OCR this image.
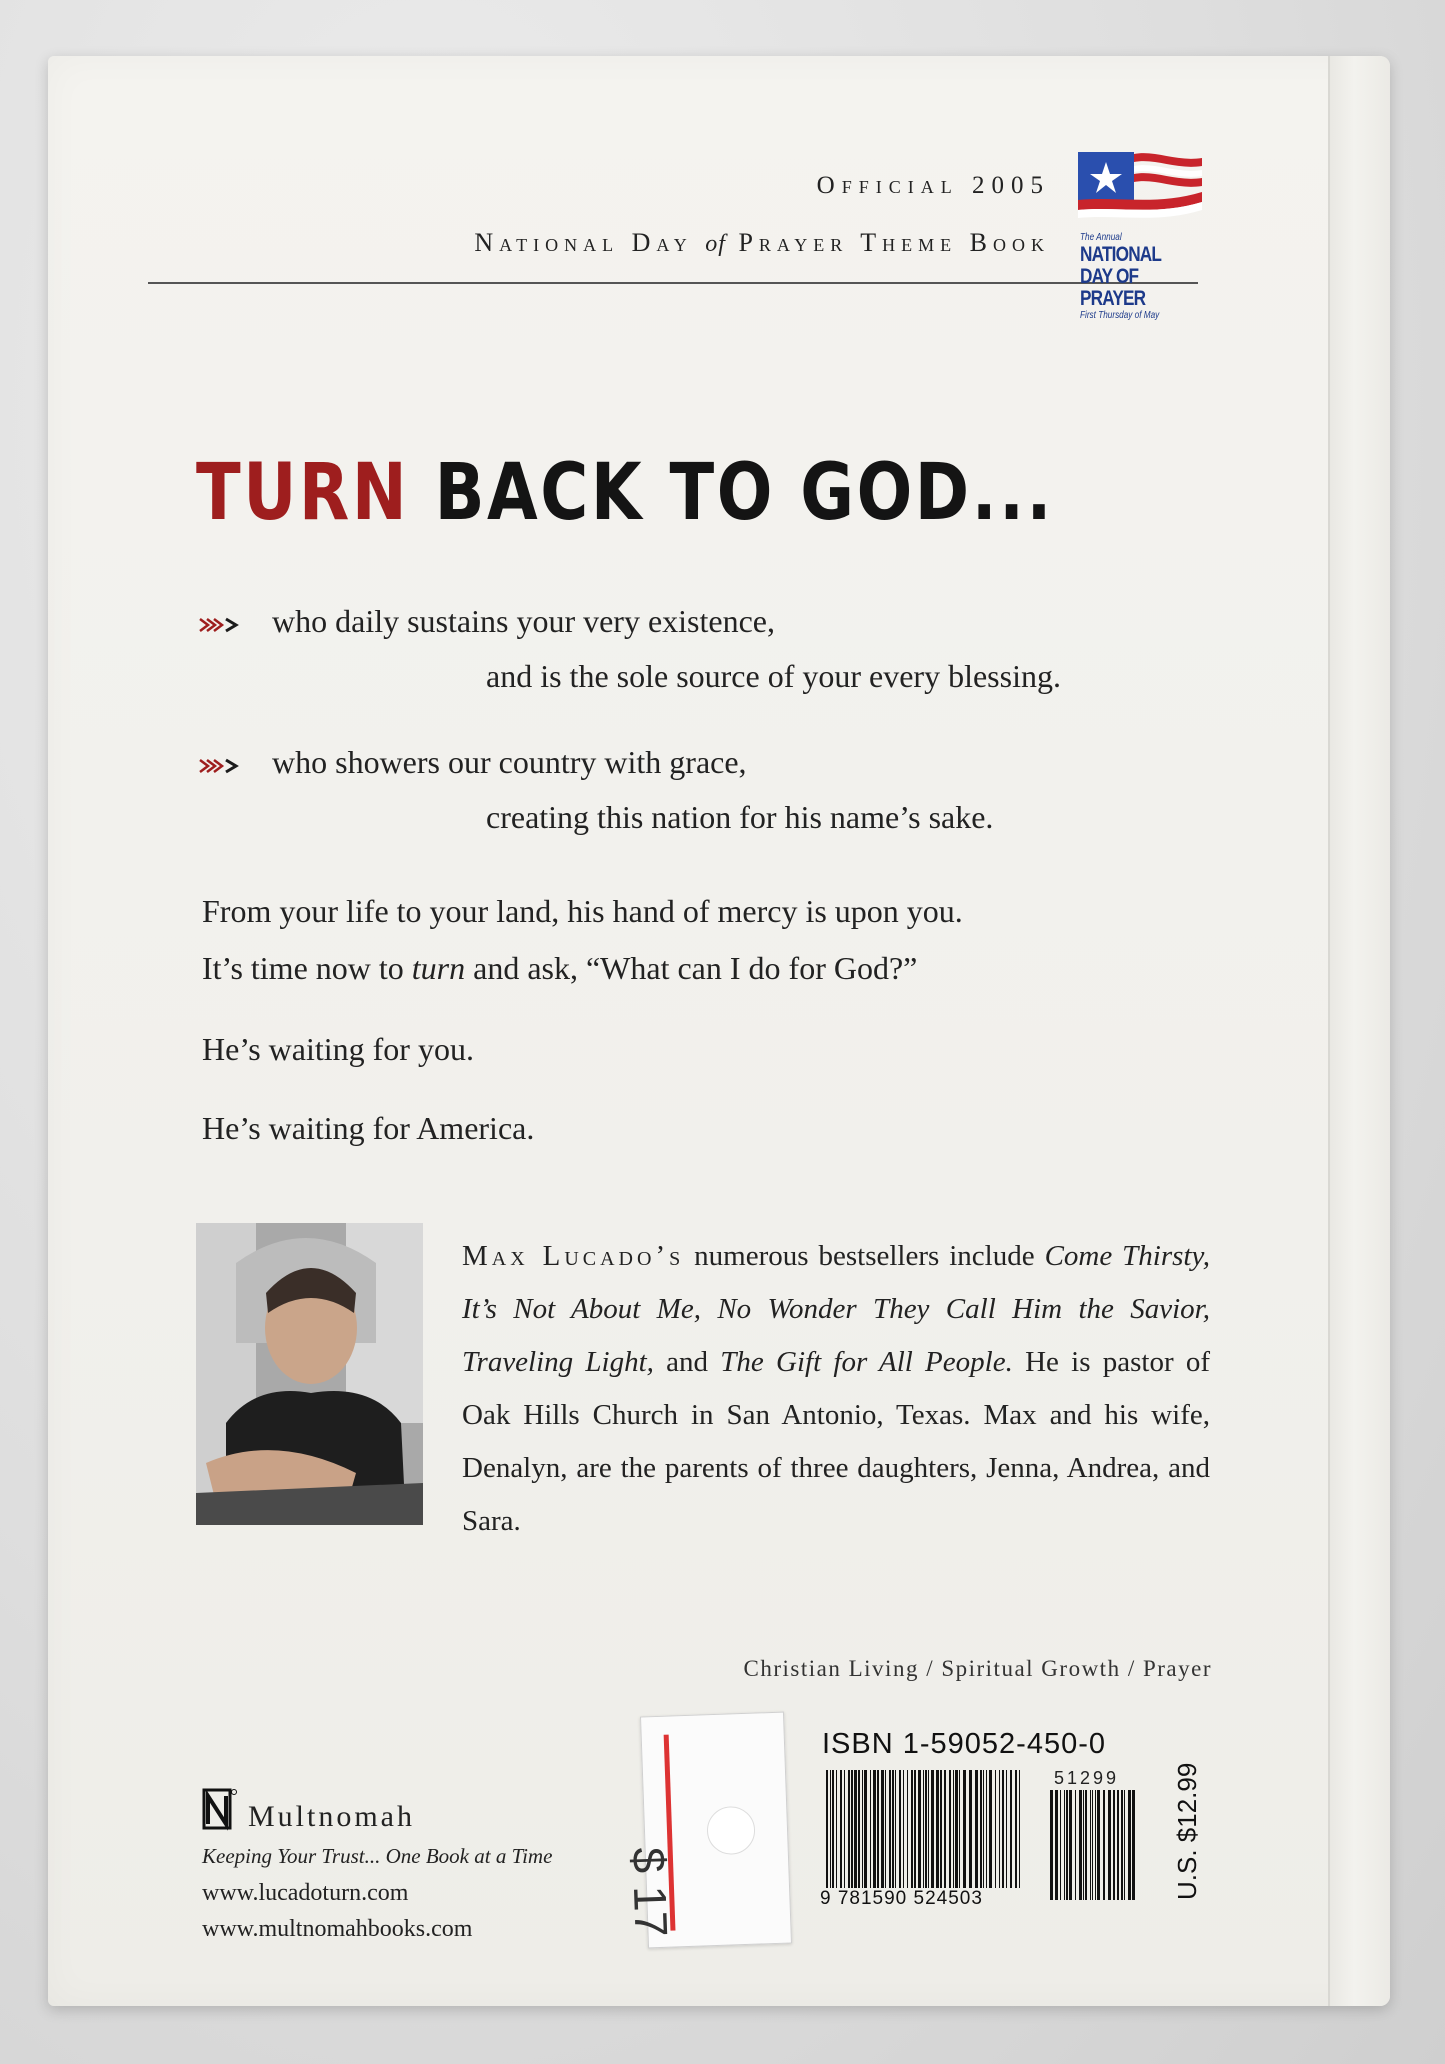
Official 2005
National Day of Prayer Theme Book	The Annual
NATIONAL DAY OF PRAYER
First Thursday of May
TURN BACK TO GOD...
who daily sustains your very existence,
and is the sole source of your every blessing.
who showers our country with grace,
creating this nation for his name’s sake.
From your life to your land, his hand of mercy is upon you.
It’s time now to turn and ask, “What can I do for God?”
He’s waiting for you.
He’s waiting for America.
Max Lucado’s numerous bestsellers include Come Thirsty, It’s Not About Me, No Wonder They Call Him the Savior, Traveling Light, and The Gift for All People. He is pastor of Oak Hills Church in San Antonio, Texas. Max and his wife, Denalyn, are the parents of three daughters, Jenna, Andrea, and Sara.
Christian Living / Spiritual Growth / Prayer
Multnomah
Keeping Your Trust... One Book at a Time
www.lucadoturn.com
www.multnomahbooks.com	$ 17
ISBN 1-59052-450-0
51299
9 781590 524503	U.S. $12.99
